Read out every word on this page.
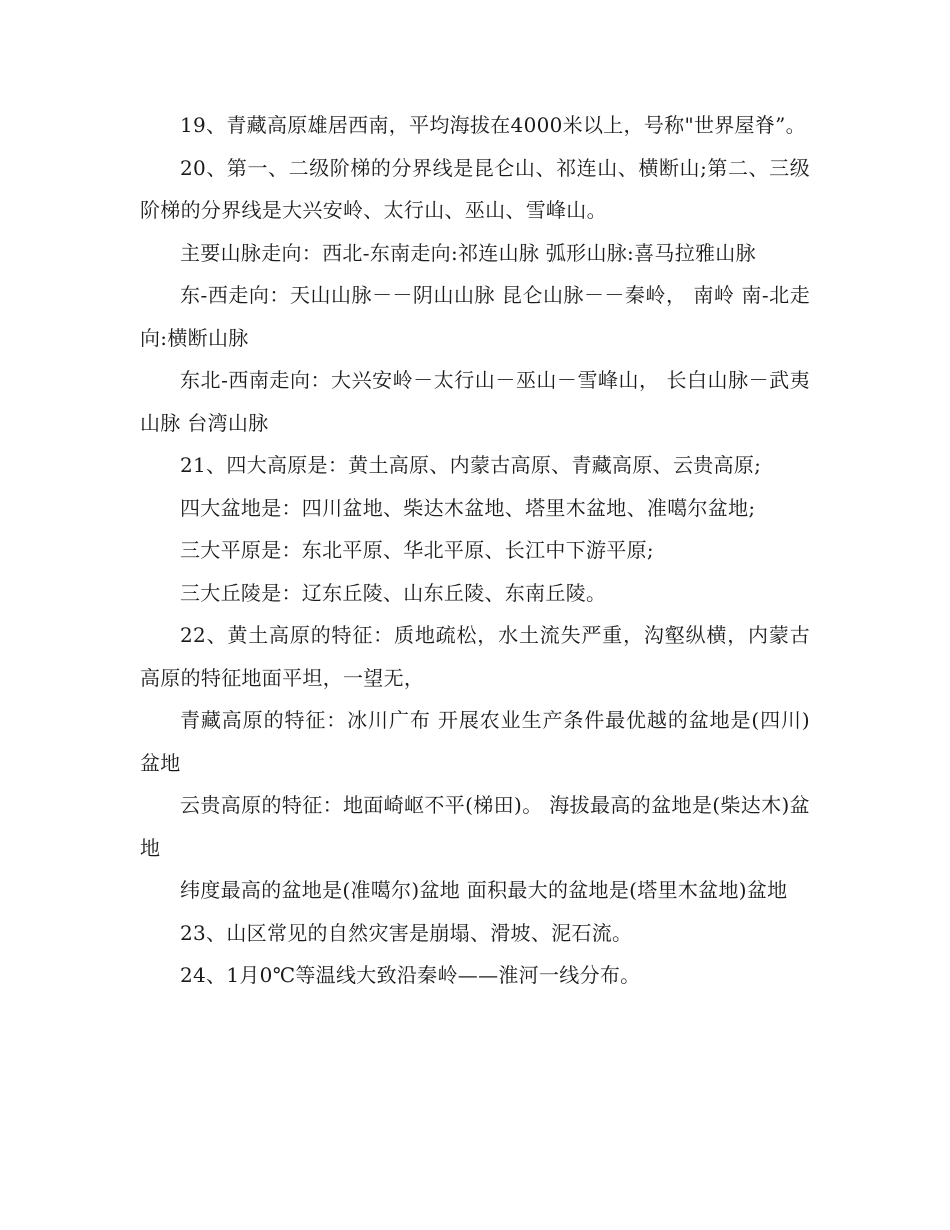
19、青藏高原雄居西南，平均海拔在4000米以上，号称"世界屋脊”。

20、第一、二级阶梯的分界线是昆仑山、祁连山、横断山;第二、三级阶梯的分界线是大兴安岭、太行山、巫山、雪峰山。

主要山脉走向：西北-东南走向:祁连山脉 弧形山脉:喜马拉雅山脉

东-西走向：天山山脉－－阴山山脉 昆仑山脉－－秦岭， 南岭 南-北走向:横断山脉

东北-西南走向：大兴安岭－太行山－巫山－雪峰山， 长白山脉－武夷山脉 台湾山脉

21、四大高原是：黄土高原、内蒙古高原、青藏高原、云贵高原;

四大盆地是：四川盆地、柴达木盆地、塔里木盆地、准噶尔盆地;

三大平原是：东北平原、华北平原、长江中下游平原;

三大丘陵是：辽东丘陵、山东丘陵、东南丘陵。

22、黄土高原的特征：质地疏松，水土流失严重，沟壑纵横，内蒙古高原的特征地面平坦，一望无，

青藏高原的特征：冰川广布 开展农业生产条件最优越的盆地是(四川)盆地

云贵高原的特征：地面崎岖不平(梯田)。 海拔最高的盆地是(柴达木)盆地

纬度最高的盆地是(准噶尔)盆地 面积最大的盆地是(塔里木盆地)盆地

23、山区常见的自然灾害是崩塌、滑坡、泥石流。

24、1月0℃等温线大致沿秦岭——淮河一线分布。
